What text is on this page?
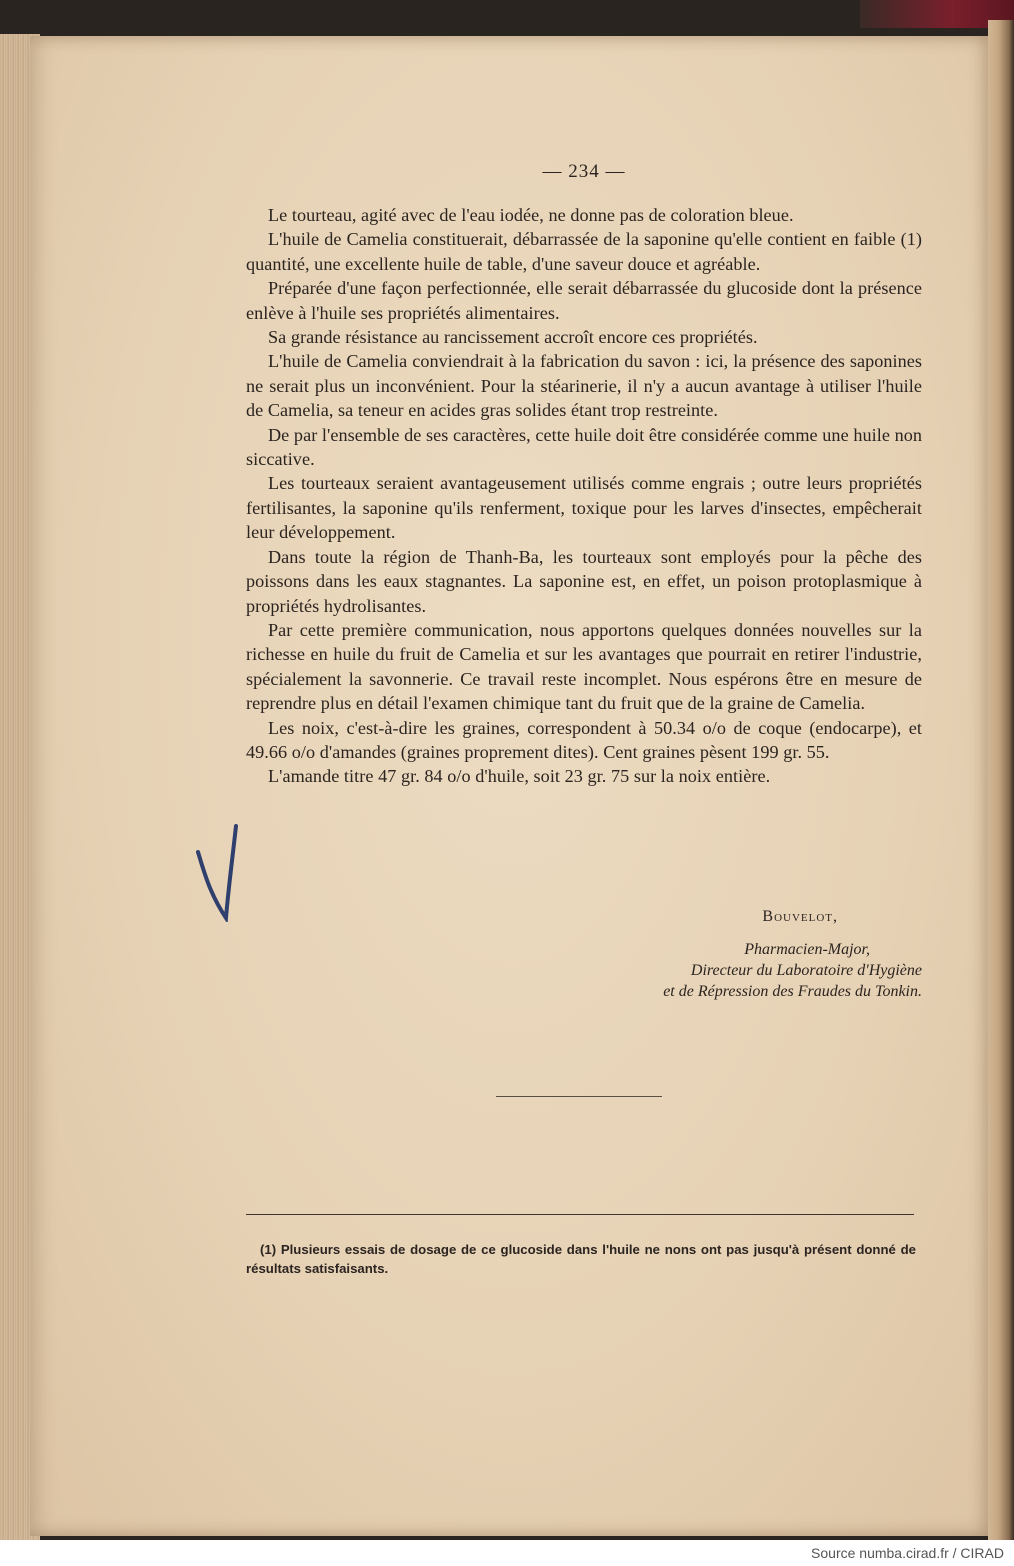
— 234 —

Le tourteau, agité avec de l'eau iodée, ne donne pas de coloration bleue.

L'huile de Camelia constituerait, débarrassée de la saponine qu'elle contient en faible (1) quantité, une excellente huile de table, d'une saveur douce et agréable.

Préparée d'une façon perfectionnée, elle serait débarrassée du glucoside dont la présence enlève à l'huile ses propriétés alimentaires.

Sa grande résistance au rancissement accroît encore ces propriétés.

L'huile de Camelia conviendrait à la fabrication du savon : ici, la présence des saponines ne serait plus un inconvénient. Pour la stéarinerie, il n'y a aucun avantage à utiliser l'huile de Camelia, sa teneur en acides gras solides étant trop restreinte.

De par l'ensemble de ses caractères, cette huile doit être considérée comme une huile non siccative.

Les tourteaux seraient avantageusement utilisés comme engrais ; outre leurs propriétés fertilisantes, la saponine qu'ils renferment, toxique pour les larves d'insectes, empêcherait leur développement.

Dans toute la région de Thanh-Ba, les tourteaux sont employés pour la pêche des poissons dans les eaux stagnantes. La saponine est, en effet, un poison protoplasmique à propriétés hydrolisantes.

Par cette première communication, nous apportons quelques données nouvelles sur la richesse en huile du fruit de Camelia et sur les avantages que pourrait en retirer l'industrie, spécialement la savonnerie. Ce travail reste incomplet. Nous espérons être en mesure de reprendre plus en détail l'examen chimique tant du fruit que de la graine de Camelia.

Les noix, c'est-à-dire les graines, correspondent à 50.34 o/o de coque (endocarpe), et 49.66 o/o d'amandes (graines proprement dites). Cent graines pèsent 199 gr. 55.

L'amande titre 47 gr. 84 o/o d'huile, soit 23 gr. 75 sur la noix entière.

Bouvelot,
Pharmacien-Major,
Directeur du Laboratoire d'Hygiène
et de Répression des Fraudes du Tonkin.
(1) Plusieurs essais de dosage de ce glucoside dans l'huile ne nons ont pas jusqu'à présent donné de résultats satisfaisants.
Source numba.cirad.fr / CIRAD
